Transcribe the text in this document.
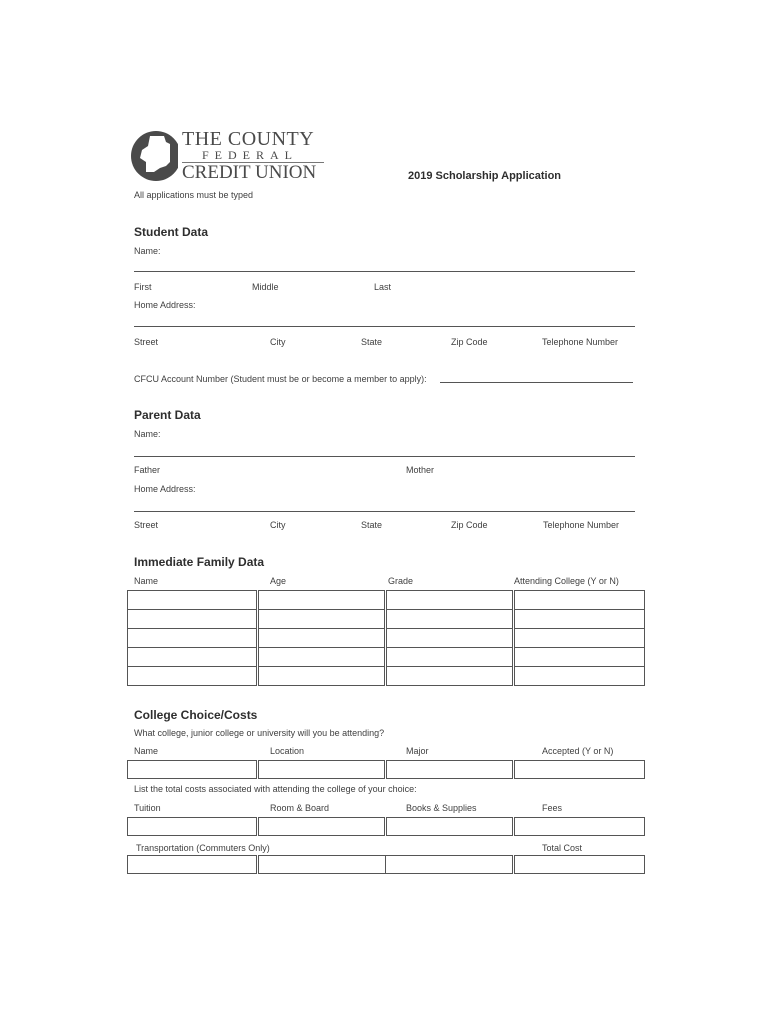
THE COUNTY
FEDERAL
CREDIT UNION	2019 Scholarship Application
All applications must be typed
Student Data
Name:
First	Middle	Last
Home Address:
Street	City	State	Zip Code	Telephone Number
CFCU Account Number (Student must be or become a member to apply):
Parent Data
Name:
Father	Mother
Home Address:
Street	City	State	Zip Code	Telephone Number
Immediate Family Data
Name	Age	Grade	Attending College (Y or N)

College Choice/Costs
What college, junior college or university will you be attending?
Name	Location	Major	Accepted (Y or N)

List the total costs associated with attending the college of your choice:
Tuition	Room & Board	Books & Supplies	Fees

Transportation (Commuters Only)	Total Cost
